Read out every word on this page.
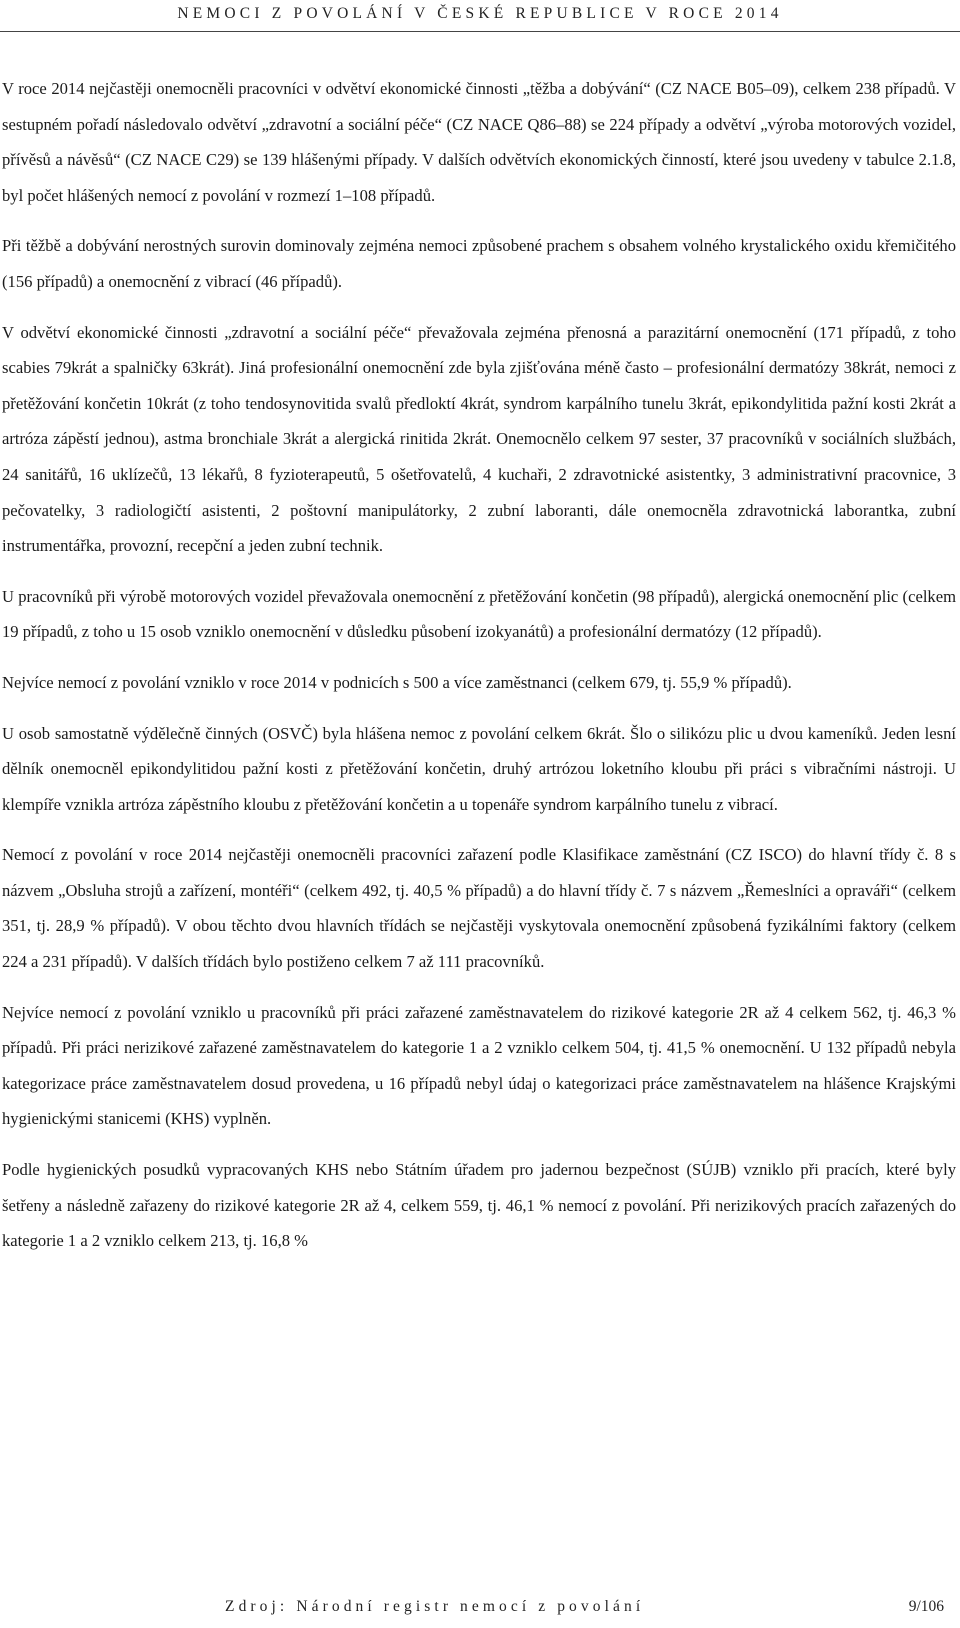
NEMOCI Z POVOLÁNÍ V ČESKÉ REPUBLICE V ROCE 2014

V roce 2014 nejčastěji onemocněli pracovníci v odvětví ekonomické činnosti „těžba a dobývání“ (CZ NACE B05–09), celkem 238 případů. V sestupném pořadí následovalo odvětví „zdravotní a sociální péče“ (CZ NACE Q86–88) se 224 případy a odvětví „výroba motorových vozidel, přívěsů a návěsů“ (CZ NACE C29) se 139 hlášenými případy. V dalších odvětvích ekonomických činností, které jsou uvedeny v tabulce 2.1.8, byl počet hlášených nemocí z povolání v rozmezí 1–108 případů.

Při těžbě a dobývání nerostných surovin dominovaly zejména nemoci způsobené prachem s obsahem volného krystalického oxidu křemičitého (156 případů) a onemocnění z vibrací (46 případů).

V odvětví ekonomické činnosti „zdravotní a sociální péče“ převažovala zejména přenosná a parazitární onemocnění (171 případů, z toho scabies 79krát a spalničky 63krát). Jiná profesionální onemocnění zde byla zjišťována méně často – profesionální dermatózy 38krát, nemoci z přetěžování končetin 10krát (z toho tendosynovitida svalů předloktí 4krát, syndrom karpálního tunelu 3krát, epikondylitida pažní kosti 2krát a artróza zápěstí jednou), astma bronchiale 3krát a alergická rinitida 2krát. Onemocnělo celkem 97 sester, 37 pracovníků v sociálních službách, 24 sanitářů, 16 uklízečů, 13 lékařů, 8 fyzioterapeutů, 5 ošetřovatelů, 4 kuchaři, 2 zdravotnické asistentky, 3 administrativní pracovnice, 3 pečovatelky, 3 radiologičtí asistenti, 2 poštovní manipulátorky, 2 zubní laboranti, dále onemocněla zdravotnická laborantka, zubní instrumentářka, provozní, recepční a jeden zubní technik.

U pracovníků při výrobě motorových vozidel převažovala onemocnění z přetěžování končetin (98 případů), alergická onemocnění plic (celkem 19 případů, z toho u 15 osob vzniklo onemocnění v důsledku působení izokyanátů) a profesionální dermatózy (12 případů).

Nejvíce nemocí z povolání vzniklo v roce 2014 v podnicích s 500 a více zaměstnanci (celkem 679, tj. 55,9 % případů).

U osob samostatně výdělečně činných (OSVČ) byla hlášena nemoc z povolání celkem 6krát. Šlo o silikózu plic u dvou kameníků. Jeden lesní dělník onemocněl epikondylitidou pažní kosti z přetěžování končetin, druhý artrózou loketního kloubu při práci s vibračními nástroji. U klempíře vznikla artróza zápěstního kloubu z přetěžování končetin a u topenáře syndrom karpálního tunelu z vibrací.

Nemocí z povolání v roce 2014 nejčastěji onemocněli pracovníci zařazení podle Klasifikace zaměstnání (CZ ISCO) do hlavní třídy č. 8 s názvem „Obsluha strojů a zařízení, montéři“ (celkem 492, tj. 40,5 % případů) a do hlavní třídy č. 7 s názvem „Řemeslníci a opraváři“ (celkem 351, tj. 28,9 % případů). V obou těchto dvou hlavních třídách se nejčastěji vyskytovala onemocnění způsobená fyzikálními faktory (celkem 224 a 231 případů). V dalších třídách bylo postiženo celkem 7 až 111 pracovníků.

Nejvíce nemocí z povolání vzniklo u pracovníků při práci zařazené zaměstnavatelem do rizikové kategorie 2R až 4 celkem 562, tj. 46,3 % případů. Při práci nerizikové zařazené zaměstnavatelem do kategorie 1 a 2 vzniklo celkem 504, tj. 41,5 % onemocnění. U 132 případů nebyla kategorizace práce zaměstnavatelem dosud provedena, u 16 případů nebyl údaj o kategorizaci práce zaměstnavatelem na hlášence Krajskými hygienickými stanicemi (KHS) vyplněn.

Podle hygienických posudků vypracovaných KHS nebo Státním úřadem pro jadernou bezpečnost (SÚJB) vzniklo při pracích, které byly šetřeny a následně zařazeny do rizikové kategorie 2R až 4, celkem 559, tj. 46,1 % nemocí z povolání. Při nerizikových pracích zařazených do kategorie 1 a 2 vzniklo celkem 213, tj. 16,8 %

Zdroj: Národní registr nemocí z povolání	9/106
